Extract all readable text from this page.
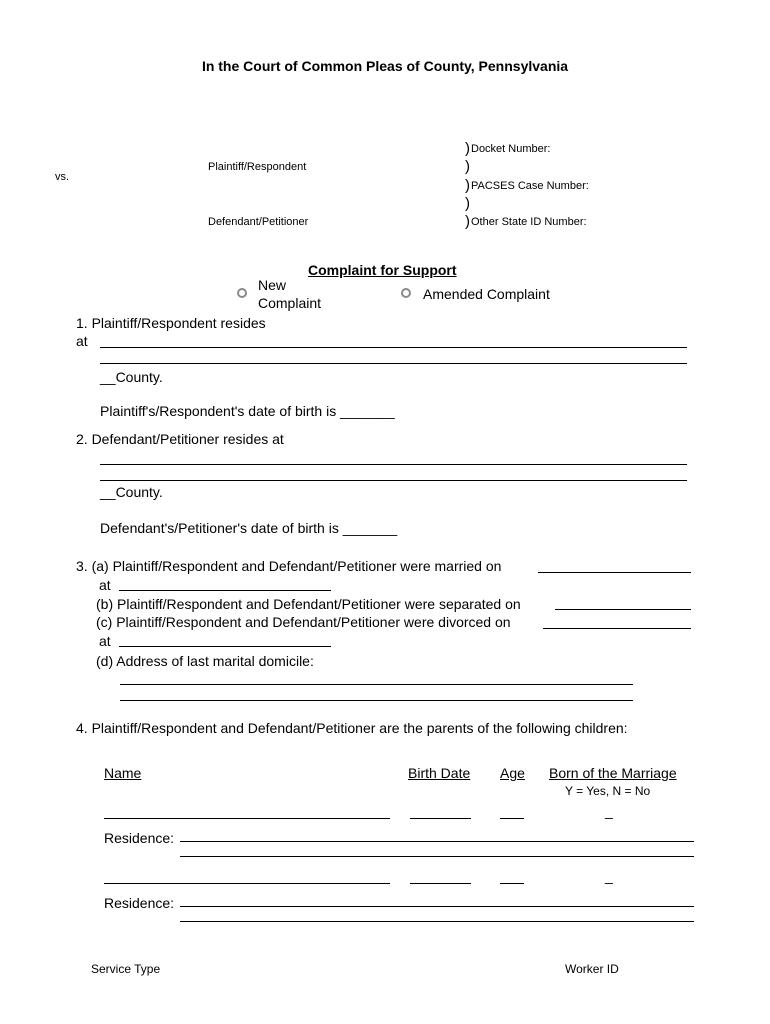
In the Court of Common Pleas of County, Pennsylvania
vs.
Plaintiff/Respondent
Defendant/Petitioner
) Docket Number:
)
) PACSES Case Number:
)
) Other State ID Number:
Complaint for Support
New
Complaint
Amended Complaint
1. Plaintiff/Respondent resides
at
__County.
Plaintiff's/Respondent's date of birth is _______
2. Defendant/Petitioner resides at
__County.
Defendant's/Petitioner's date of birth is _______
3. (a) Plaintiff/Respondent and Defendant/Petitioner were married on
at
(b) Plaintiff/Respondent and Defendant/Petitioner were separated on
(c) Plaintiff/Respondent and Defendant/Petitioner were divorced on
at
(d) Address of last marital domicile:
4. Plaintiff/Respondent and Defendant/Petitioner are the parents of the following children:
Name	Birth Date Age Born of the Marriage
Y = Yes, N = No
_
Residence:
_
Residence:
Service Type	Worker ID
